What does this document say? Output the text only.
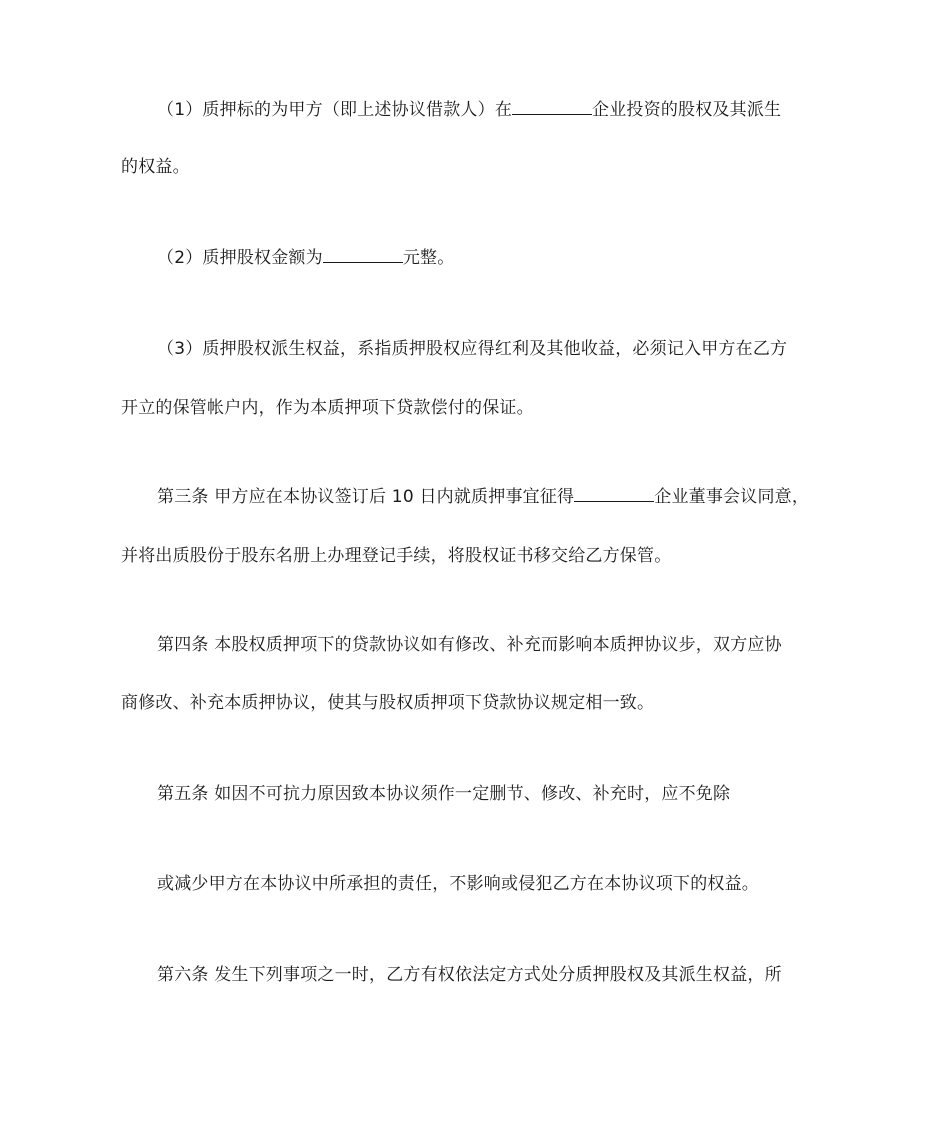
（1）质押标的为甲方（即上述协议借款人）在	企业投资的股权及其派生
的权益。
（2）质押股权金额为	元整。
（3）质押股权派生权益，系指质押股权应得红利及其他收益，必须记入甲方在乙方
开立的保管帐户内，作为本质押项下贷款偿付的保证。
第三条 甲方应在本协议签订后 10 日内就质押事宜征得	企业董事会议同意，
并将出质股份于股东名册上办理登记手续，将股权证书移交给乙方保管。
第四条 本股权质押项下的贷款协议如有修改、补充而影响本质押协议步，双方应协
商修改、补充本质押协议，使其与股权质押项下贷款协议规定相一致。
第五条 如因不可抗力原因致本协议须作一定删节、修改、补充时，应不免除
或减少甲方在本协议中所承担的责任，不影响或侵犯乙方在本协议项下的权益。
第六条 发生下列事项之一时，乙方有权依法定方式处分质押股权及其派生权益，所
